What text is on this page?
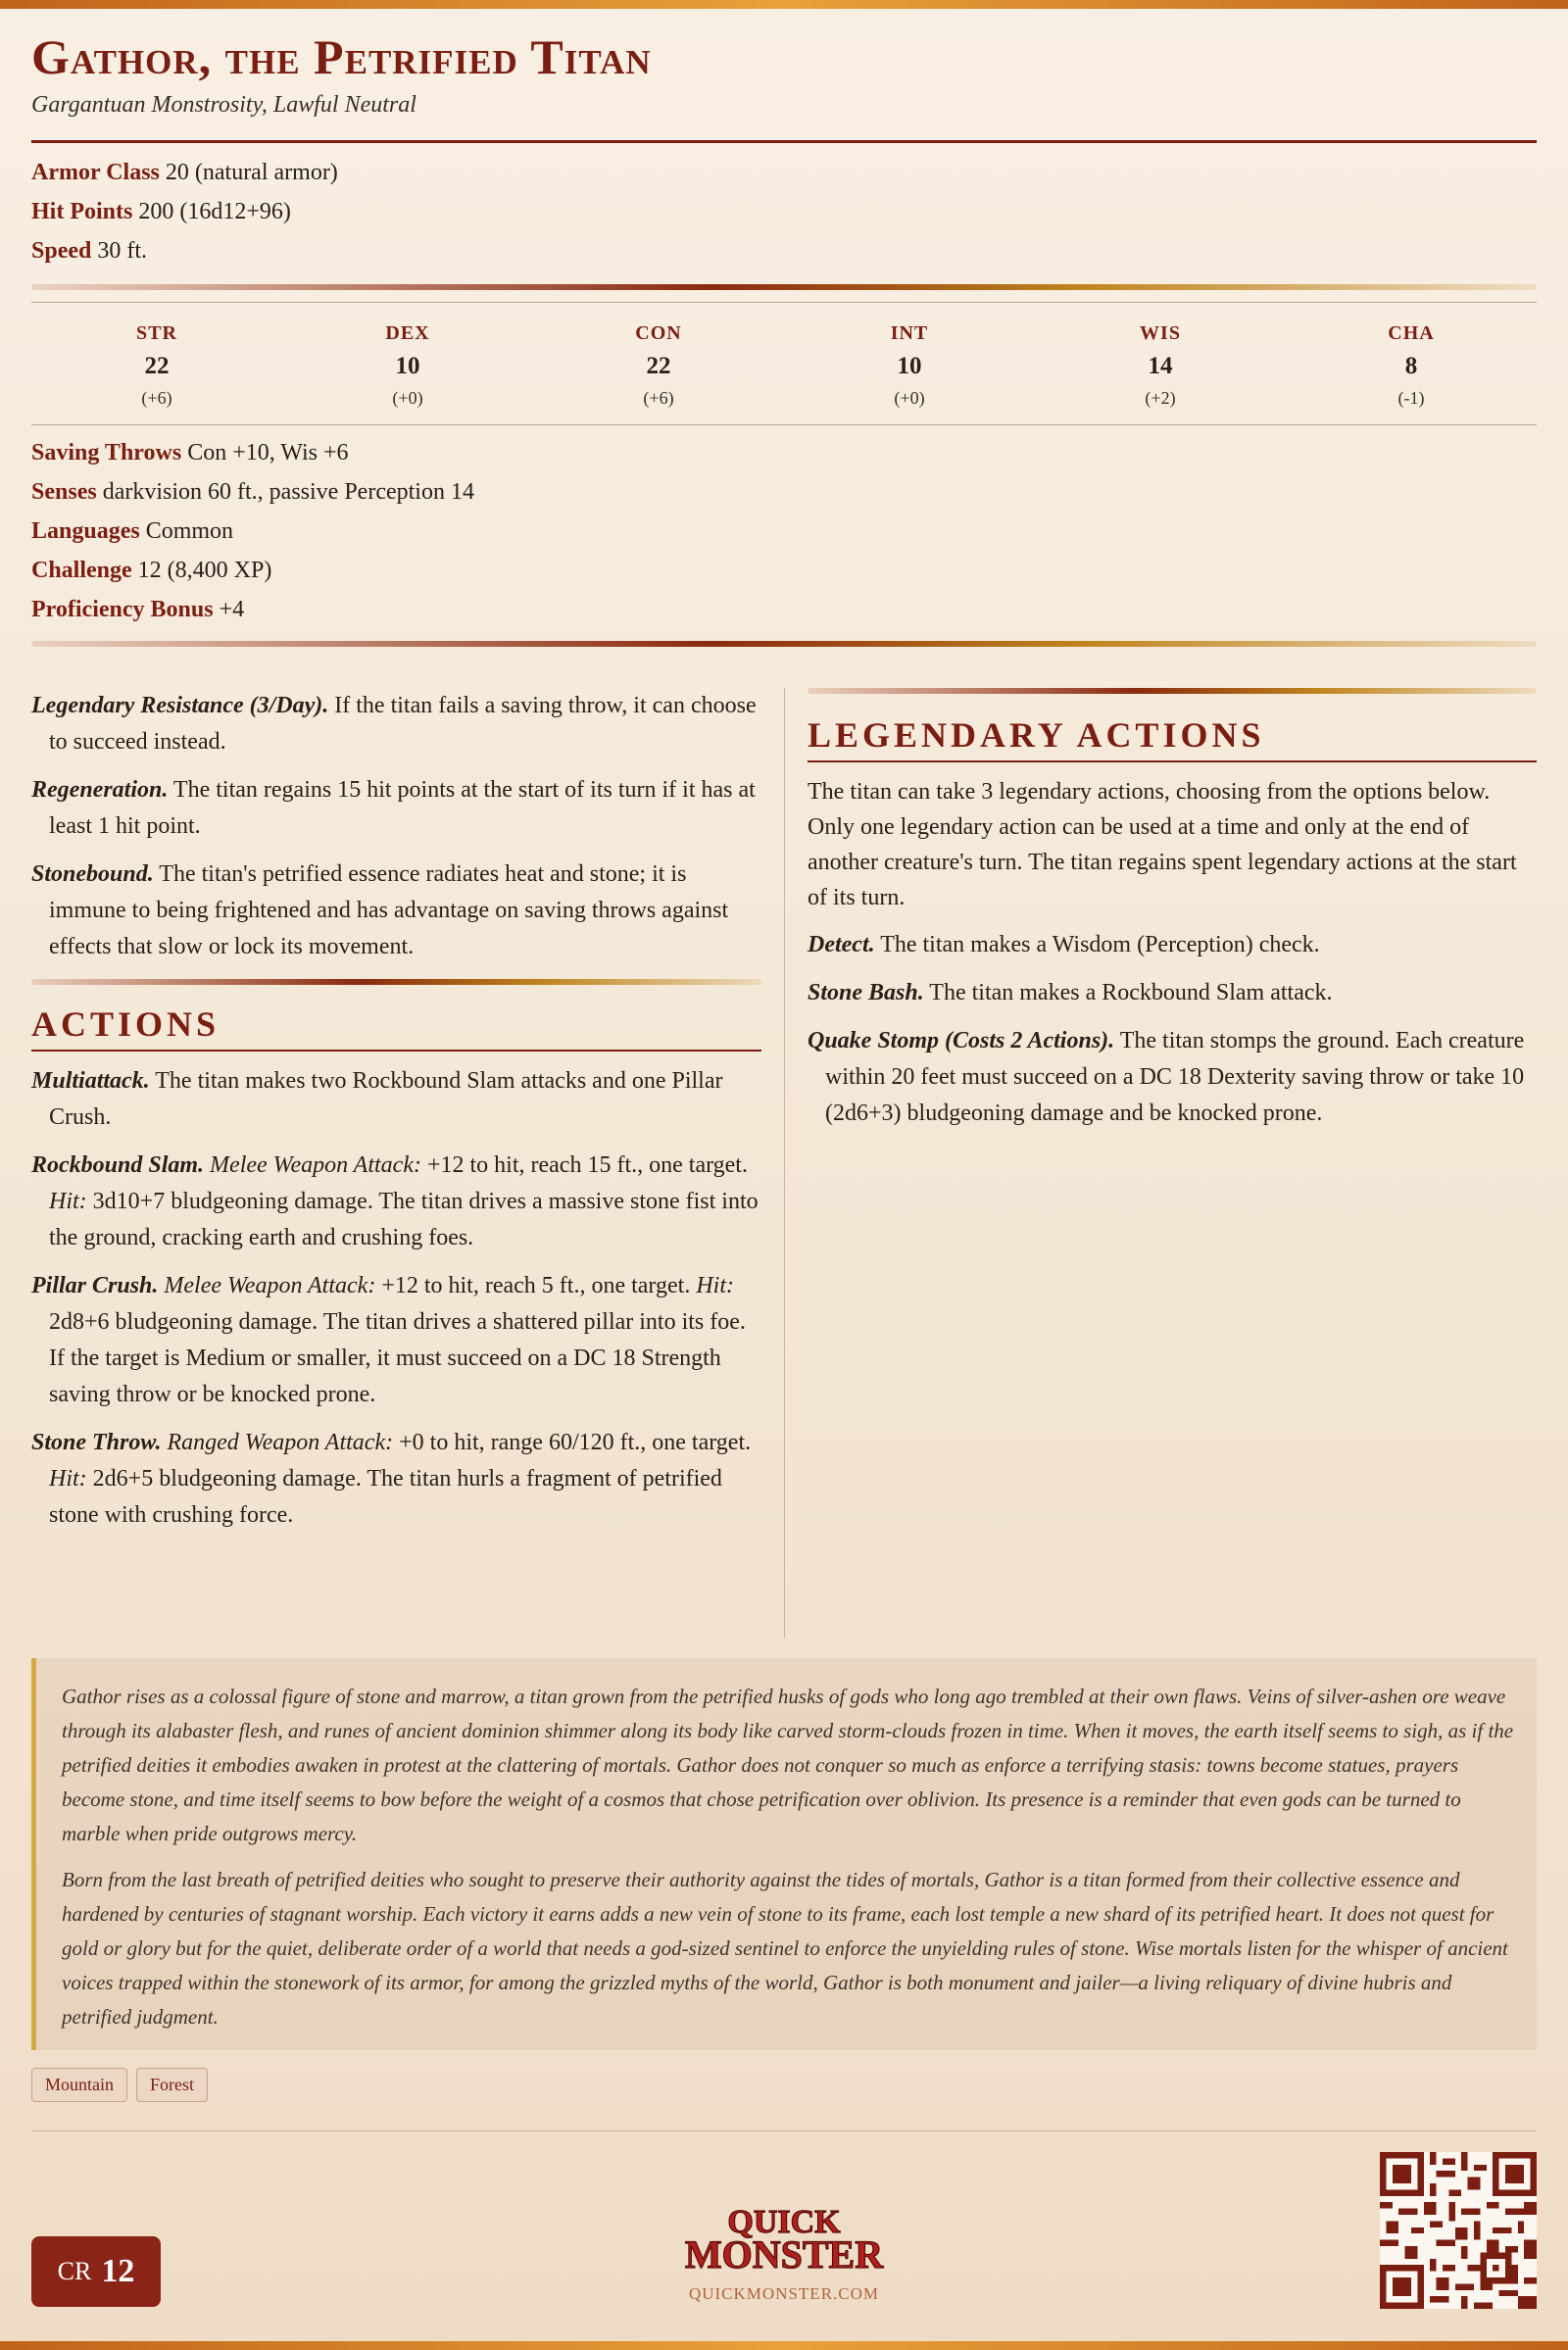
Gathor, the Petrified Titan
Gargantuan Monstrosity, Lawful Neutral
Armor Class 20 (natural armor)
Hit Points 200 (16d12+96)
Speed 30 ft.
STR
22
(+6)
DEX
10
(+0)
CON
22
(+6)
INT
10
(+0)
WIS
14
(+2)
CHA
8
(-1)
Saving Throws Con +10, Wis +6
Senses darkvision 60 ft., passive Perception 14
Languages Common
Challenge 12 (8,400 XP)
Proficiency Bonus +4

Legendary Resistance (3/Day). If the titan fails a saving throw, it can choose to succeed instead.

Regeneration. The titan regains 15 hit points at the start of its turn if it has at least 1 hit point.

Stonebound. The titan's petrified essence radiates heat and stone; it is immune to being frightened and has advantage on saving throws against effects that slow or lock its movement.

ACTIONS

Multiattack. The titan makes two Rockbound Slam attacks and one Pillar Crush.

Rockbound Slam. Melee Weapon Attack: +12 to hit, reach 15 ft., one target. Hit: 3d10+7 bludgeoning damage. The titan drives a massive stone fist into the ground, cracking earth and crushing foes.

Pillar Crush. Melee Weapon Attack: +12 to hit, reach 5 ft., one target. Hit: 2d8+6 bludgeoning damage. The titan drives a shattered pillar into its foe. If the target is Medium or smaller, it must succeed on a DC 18 Strength saving throw or be knocked prone.

Stone Throw. Ranged Weapon Attack: +0 to hit, range 60/120 ft., one target. Hit: 2d6+5 bludgeoning damage. The titan hurls a fragment of petrified stone with crushing force.

LEGENDARY ACTIONS

The titan can take 3 legendary actions, choosing from the options below. Only one legendary action can be used at a time and only at the end of another creature's turn. The titan regains spent legendary actions at the start of its turn.

Detect. The titan makes a Wisdom (Perception) check.

Stone Bash. The titan makes a Rockbound Slam attack.

Quake Stomp (Costs 2 Actions). The titan stomps the ground. Each creature within 20 feet must succeed on a DC 18 Dexterity saving throw or take 10 (2d6+3) bludgeoning damage and be knocked prone.

Gathor rises as a colossal figure of stone and marrow, a titan grown from the petrified husks of gods who long ago trembled at their own flaws. Veins of silver-ashen ore weave through its alabaster flesh, and runes of ancient dominion shimmer along its body like carved storm-clouds frozen in time. When it moves, the earth itself seems to sigh, as if the petrified deities it embodies awaken in protest at the clattering of mortals. Gathor does not conquer so much as enforce a terrifying stasis: towns become statues, prayers become stone, and time itself seems to bow before the weight of a cosmos that chose petrification over oblivion. Its presence is a reminder that even gods can be turned to marble when pride outgrows mercy.

Born from the last breath of petrified deities who sought to preserve their authority against the tides of mortals, Gathor is a titan formed from their collective essence and hardened by centuries of stagnant worship. Each victory it earns adds a new vein of stone to its frame, each lost temple a new shard of its petrified heart. It does not quest for gold or glory but for the quiet, deliberate order of a world that needs a god-sized sentinel to enforce the unyielding rules of stone. Wise mortals listen for the whisper of ancient voices trapped within the stonework of its armor, for among the grizzled myths of the world, Gathor is both monument and jailer—a living reliquary of divine hubris and petrified judgment.

Mountain	Forest
CR 12
QUICK
MONSTER
QUICKMONSTER.COM
